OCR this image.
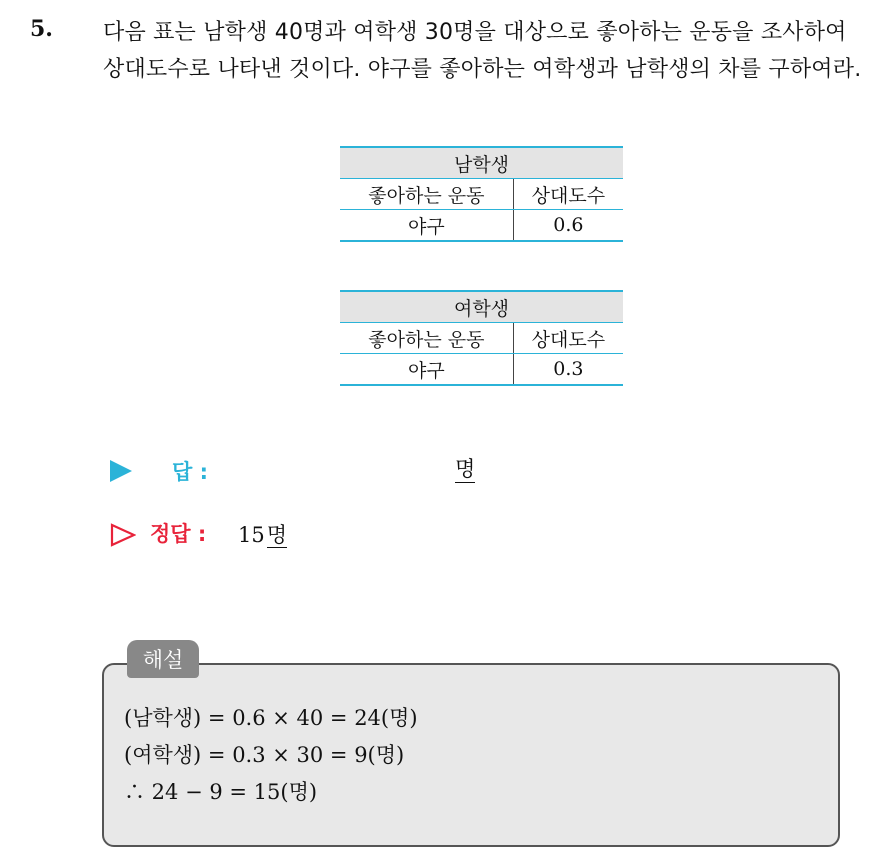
5. 다음 표는 남학생 40명과 여학생 30명을 대상으로 좋아하는 운동을 조사하여 상대도수로 나타낸 것이다. 야구를 좋아하는 여학생과 남학생의 차를 구하여라.
남학생	
좋아하는 운동	상대도수
야구	0.6
여학생	
좋아하는 운동	상대도수
야구	0.3
답 :	명
정답 : 15명
해설
(남학생) = 0.6 × 40 = 24(명)
(여학생) = 0.3 × 30 = 9(명)
∴ 24 − 9 = 15(명)
